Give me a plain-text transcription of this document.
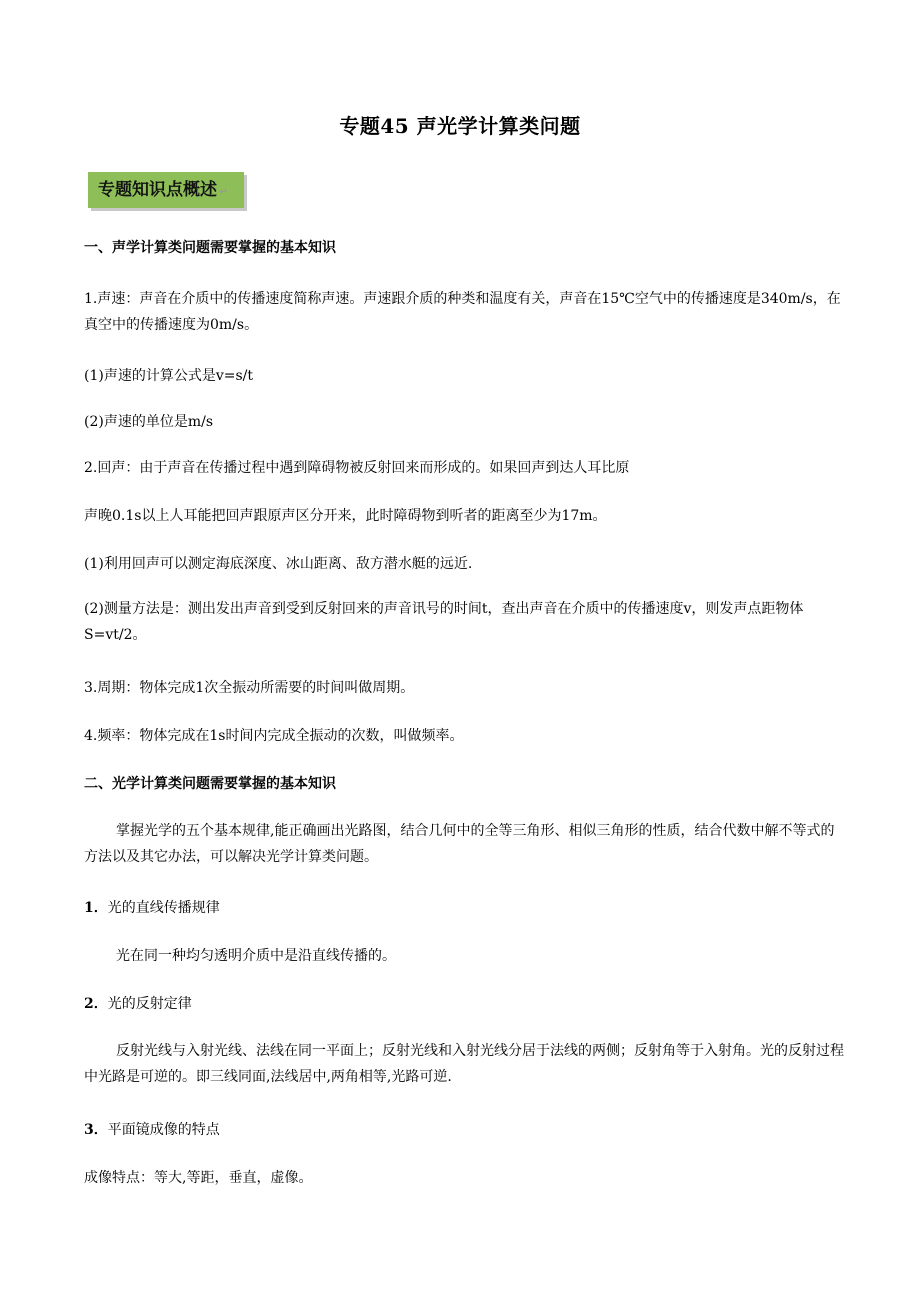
专题45 声光学计算类问题
专题知识点概述 ↵
一、声学计算类问题需要掌握的基本知识
1.声速：声音在介质中的传播速度简称声速。声速跟介质的种类和温度有关，声音在15℃空气中的传播速度是340m/s，在真空中的传播速度为0m/s。
(1)声速的计算公式是v=s/t
(2)声速的单位是m/s
2.回声：由于声音在传播过程中遇到障碍物被反射回来而形成的。如果回声到达人耳比原
声晚0.1s以上人耳能把回声跟原声区分开来，此时障碍物到听者的距离至少为17m。
(1)利用回声可以测定海底深度、冰山距离、敌方潜水艇的远近.
(2)测量方法是：测出发出声音到受到反射回来的声音讯号的时间t，查出声音在介质中的传播速度v，则发声点距物体S=vt/2。
3.周期：物体完成1次全振动所需要的时间叫做周期。
4.频率：物体完成在1s时间内完成全振动的次数，叫做频率。
二、光学计算类问题需要掌握的基本知识
掌握光学的五个基本规律,能正确画出光路图，结合几何中的全等三角形、相似三角形的性质，结合代数中解不等式的方法以及其它办法，可以解决光学计算类问题。
1．光的直线传播规律
光在同一种均匀透明介质中是沿直线传播的。
2．光的反射定律
反射光线与入射光线、法线在同一平面上；反射光线和入射光线分居于法线的两侧；反射角等于入射角。光的反射过程中光路是可逆的。即三线同面,法线居中,两角相等,光路可逆.
3．平面镜成像的特点
成像特点：等大,等距，垂直，虚像。
